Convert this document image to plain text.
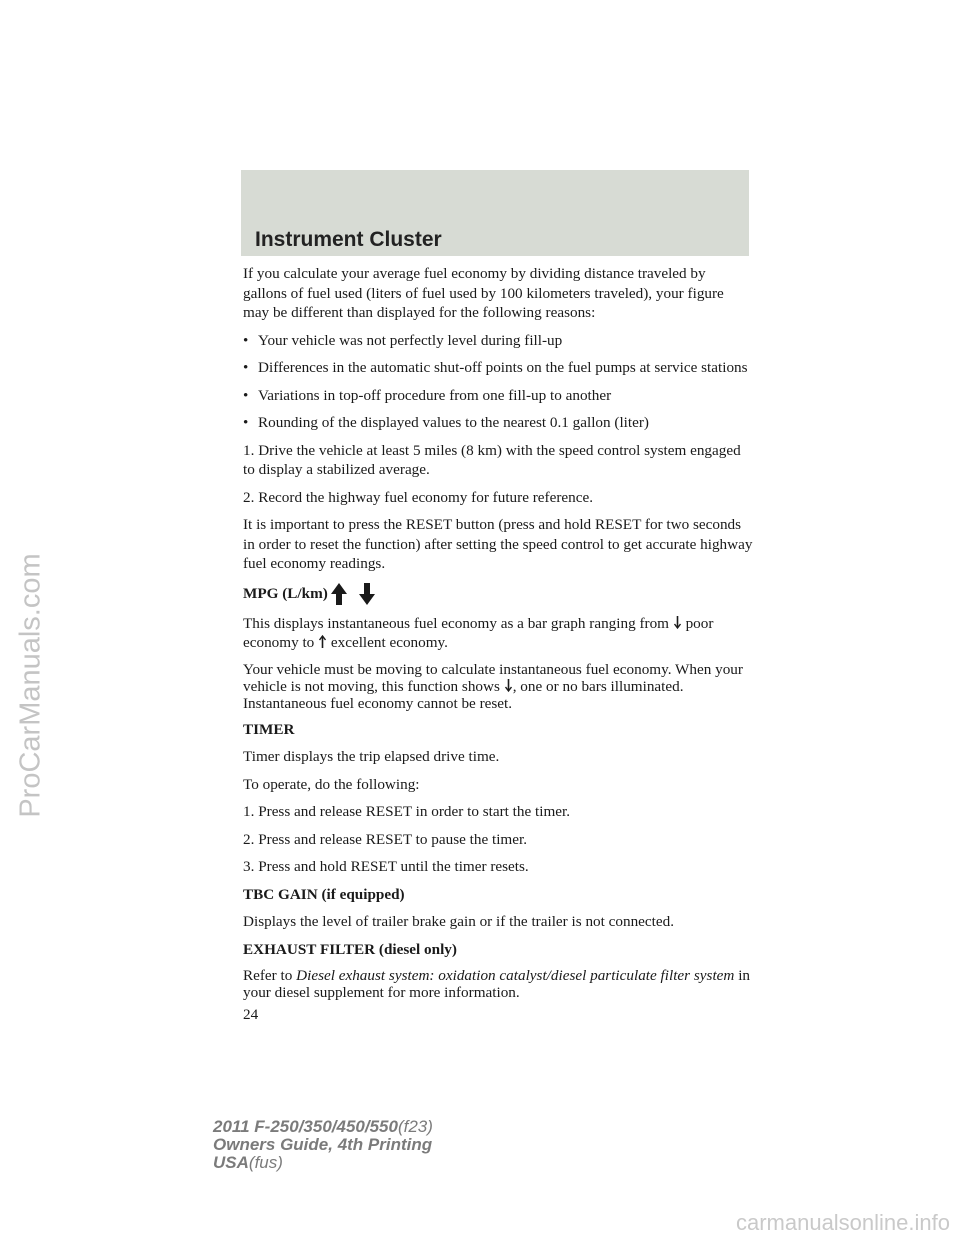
Instrument Cluster

If you calculate your average fuel economy by dividing distance traveled by gallons of fuel used (liters of fuel used by 100 kilometers traveled), your figure may be different than displayed for the following reasons:

• Your vehicle was not perfectly level during fill-up
• Differences in the automatic shut-off points on the fuel pumps at service stations
• Variations in top-off procedure from one fill-up to another
• Rounding of the displayed values to the nearest 0.1 gallon (liter)

1. Drive the vehicle at least 5 miles (8 km) with the speed control system engaged to display a stabilized average.

2. Record the highway fuel economy for future reference.

It is important to press the RESET button (press and hold RESET for two seconds in order to reset the function) after setting the speed control to get accurate highway fuel economy readings.

MPG (L/km)

This displays instantaneous fuel economy as a bar graph ranging from poor economy to excellent economy.

Your vehicle must be moving to calculate instantaneous fuel economy. When your vehicle is not moving, this function shows , one or no bars illuminated. Instantaneous fuel economy cannot be reset.

TIMER

Timer displays the trip elapsed drive time.

To operate, do the following:

1. Press and release RESET in order to start the timer.

2. Press and release RESET to pause the timer.

3. Press and hold RESET until the timer resets.

TBC GAIN (if equipped)

Displays the level of trailer brake gain or if the trailer is not connected.

EXHAUST FILTER (diesel only)

Refer to Diesel exhaust system: oxidation catalyst/diesel particulate filter system in your diesel supplement for more information.

24
2011 F-250/350/450/550(f23)
Owners Guide, 4th Printing
USA(fus)
ProCarManuals.com
carmanualsonline.info
